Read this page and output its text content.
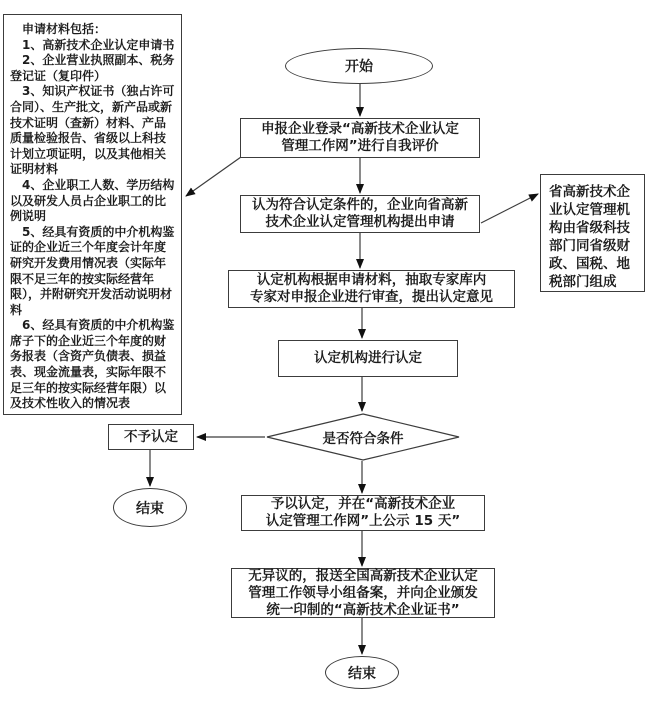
申请材料包括：

1、高新技术企业认定申请书

2、企业营业执照副本、税务登记证（复印件）

3、知识产权证书（独占许可合同）、生产批文，新产品或新技术证明（查新）材料、产品质量检验报告、省级以上科技计划立项证明，以及其他相关证明材料

4、企业职工人数、学历结构以及研发人员占企业职工的比例说明

5、经具有资质的中介机构鉴证的企业近三个年度会计年度研究开发费用情况表（实际年限不足三年的按实际经营年限），并附研究开发活动说明材料

6、经具有资质的中介机构鉴席子下的企业近三个年度的财务报表（含资产负债表、损益表、现金流量表，实际年限不足三年的按实际经营年限）以及技术性收入的情况表

开始
申报企业登录“高新技术企业认定
管理工作网”进行自我评价
认为符合认定条件的，企业向省高新
技术企业认定管理机构提出申请
省高新技术企
业认定管理机
构由省级科技
部门同省级财
政、国税、地
税部门组成
认定机构根据申请材料，抽取专家库内
专家对申报企业进行审查，提出认定意见
认定机构进行认定
是否符合条件
不予认定
结束	予以认定，并在“高新技术企业
认定管理工作网”上公示 15 天”
无异议的，报送全国高新技术企业认定
管理工作领导小组备案，并向企业颁发
统一印制的“高新技术企业证书”
结束
